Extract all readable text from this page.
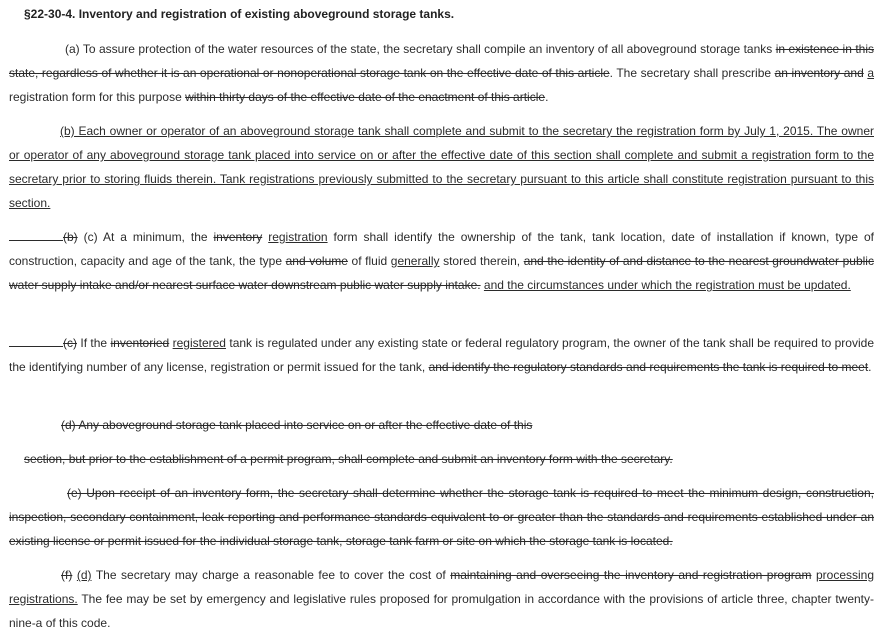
§22-30-4. Inventory and registration of existing aboveground storage tanks.
(a) To assure protection of the water resources of the state, the secretary shall compile an inventory of all aboveground storage tanks in existence in this state, regardless of whether it is an operational or nonoperational storage tank on the effective date of this article. The secretary shall prescribe an inventory and a registration form for this purpose within thirty days of the effective date of the enactment of this article.
(b) Each owner or operator of an aboveground storage tank shall complete and submit to the secretary the registration form by July 1, 2015. The owner or operator of any aboveground storage tank placed into service on or after the effective date of this section shall complete and submit a registration form to the secretary prior to storing fluids therein. Tank registrations previously submitted to the secretary pursuant to this article shall constitute registration pursuant to this section.
(b) (c) At a minimum, the inventory registration form shall identify the ownership of the tank, tank location, date of installation if known, type of construction, capacity and age of the tank, the type and volume of fluid generally stored therein, and the identity of and distance to the nearest groundwater public water supply intake and/or nearest surface water downstream public water supply intake. and the circumstances under which the registration must be updated.
(c) If the inventoried registered tank is regulated under any existing state or federal regulatory program, the owner of the tank shall be required to provide the identifying number of any license, registration or permit issued for the tank, and identify the regulatory standards and requirements the tank is required to meet.
(d) Any aboveground storage tank placed into service on or after the effective date of this
section, but prior to the establishment of a permit program, shall complete and submit an inventory form with the secretary.
(e) Upon receipt of an inventory form, the secretary shall determine whether the storage tank is required to meet the minimum design, construction, inspection, secondary containment, leak reporting and performance standards equivalent to or greater than the standards and requirements established under an existing license or permit issued for the individual storage tank, storage tank farm or site on which the storage tank is located.
(f) (d) The secretary may charge a reasonable fee to cover the cost of maintaining and overseeing the inventory and registration program processing registrations. The fee may be set by emergency and legislative rules proposed for promulgation in accordance with the provisions of article three, chapter twenty-nine-a of this code.
